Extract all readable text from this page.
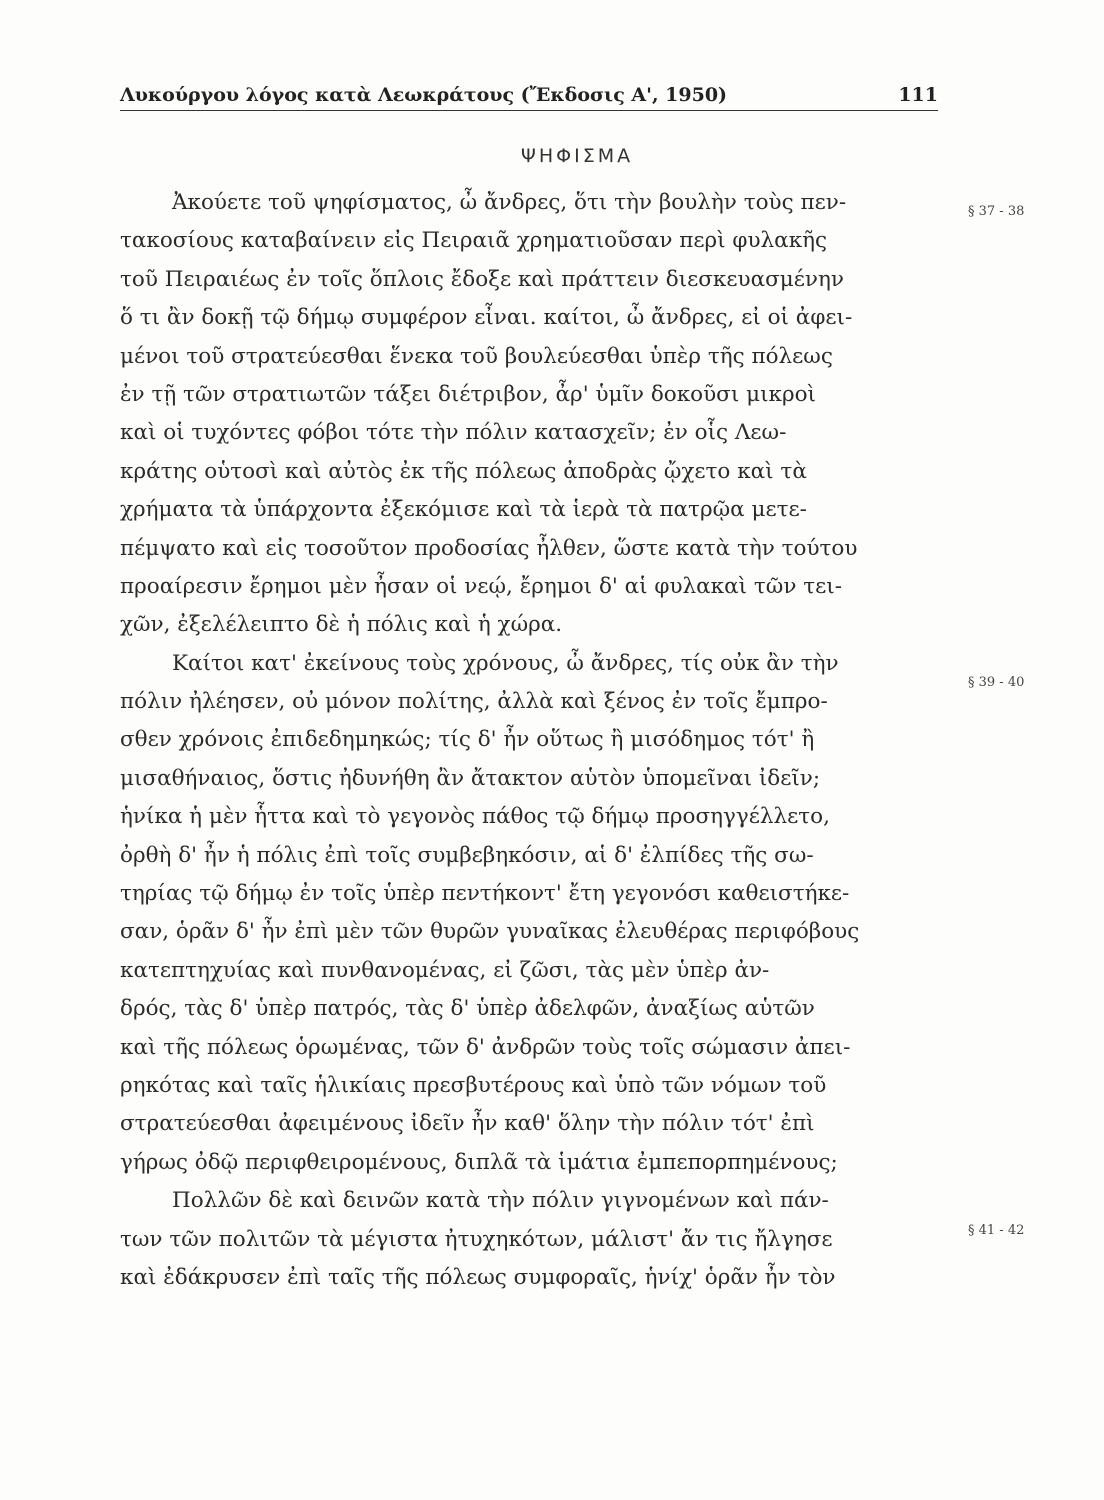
Λυκούργου λόγος κατὰ Λεωκράτους (Ἔκδοσις Α', 1950)	111
ΨΗΦΙΣΜΑ
§ 37 - 38
§ 39 - 40
§ 41 - 42
Ἀκούετε τοῦ ψηφίσματος, ὦ ἄνδρες, ὅτι τὴν βουλὴν τοὺς πεν-
τακοσίους καταβαίνειν εἰς Πειραιᾶ χρηματιοῦσαν περὶ φυλακῆς
τοῦ Πειραιέως ἐν τοῖς ὅπλοις ἔδοξε καὶ πράττειν διεσκευασμένην
ὅ τι ἂν δοκῇ τῷ δήμῳ συμφέρον εἶναι. καίτοι, ὦ ἄνδρες, εἰ οἱ ἀφει-
μένοι τοῦ στρατεύεσθαι ἕνεκα τοῦ βουλεύεσθαι ὑπὲρ τῆς πόλεως
ἐν τῇ τῶν στρατιωτῶν τάξει διέτριβον, ἆρ' ὑμῖν δοκοῦσι μικροὶ
καὶ οἱ τυχόντες φόβοι τότε τὴν πόλιν κατασχεῖν; ἐν οἷς Λεω-
κράτης οὑτοσὶ καὶ αὐτὸς ἐκ τῆς πόλεως ἀποδρὰς ᾤχετο καὶ τὰ
χρήματα τὰ ὑπάρχοντα ἐξεκόμισε καὶ τὰ ἱερὰ τὰ πατρῷα μετε-
πέμψατο καὶ εἰς τοσοῦτον προδοσίας ἦλθεν, ὥστε κατὰ τὴν τούτου
προαίρεσιν ἔρημοι μὲν ἦσαν οἱ νεῴ, ἔρημοι δ' αἱ φυλακαὶ τῶν τει-
χῶν, ἐξελέλειπτο δὲ ἡ πόλις καὶ ἡ χώρα.
Καίτοι κατ' ἐκείνους τοὺς χρόνους, ὦ ἄνδρες, τίς οὐκ ἂν τὴν
πόλιν ἠλέησεν, οὐ μόνον πολίτης, ἀλλὰ καὶ ξένος ἐν τοῖς ἔμπρο-
σθεν χρόνοις ἐπιδεδημηκώς; τίς δ' ἦν οὕτως ἢ μισόδημος τότ' ἢ
μισαθήναιος, ὅστις ἠδυνήθη ἂν ἄτακτον αὑτὸν ὑπομεῖναι ἰδεῖν;
ἡνίκα ἡ μὲν ἧττα καὶ τὸ γεγονὸς πάθος τῷ δήμῳ προσηγγέλλετο,
ὀρθὴ δ' ἦν ἡ πόλις ἐπὶ τοῖς συμβεβηκόσιν, αἱ δ' ἐλπίδες τῆς σω-
τηρίας τῷ δήμῳ ἐν τοῖς ὑπὲρ πεντήκοντ' ἔτη γεγονόσι καθειστήκε-
σαν, ὁρᾶν δ' ἦν ἐπὶ μὲν τῶν θυρῶν γυναῖκας ἐλευθέρας περιφόβους
κατεπτηχυίας καὶ πυνθανομένας, εἰ ζῶσι, τὰς μὲν ὑπὲρ ἀν-
δρός, τὰς δ' ὑπὲρ πατρός, τὰς δ' ὑπὲρ ἀδελφῶν, ἀναξίως αὑτῶν
καὶ τῆς πόλεως ὁρωμένας, τῶν δ' ἀνδρῶν τοὺς τοῖς σώμασιν ἀπει-
ρηκότας καὶ ταῖς ἡλικίαις πρεσβυτέρους καὶ ὑπὸ τῶν νόμων τοῦ
στρατεύεσθαι ἀφειμένους ἰδεῖν ἦν καθ' ὅλην τὴν πόλιν τότ' ἐπὶ
γήρως ὀδῷ περιφθειρομένους, διπλᾶ τὰ ἱμάτια ἐμπεπορπημένους;
Πολλῶν δὲ καὶ δεινῶν κατὰ τὴν πόλιν γιγνομένων καὶ πάν-
των τῶν πολιτῶν τὰ μέγιστα ἠτυχηκότων, μάλιστ' ἄν τις ἤλγησε
καὶ ἐδάκρυσεν ἐπὶ ταῖς τῆς πόλεως συμφοραῖς, ἡνίχ' ὁρᾶν ἦν τὸν
